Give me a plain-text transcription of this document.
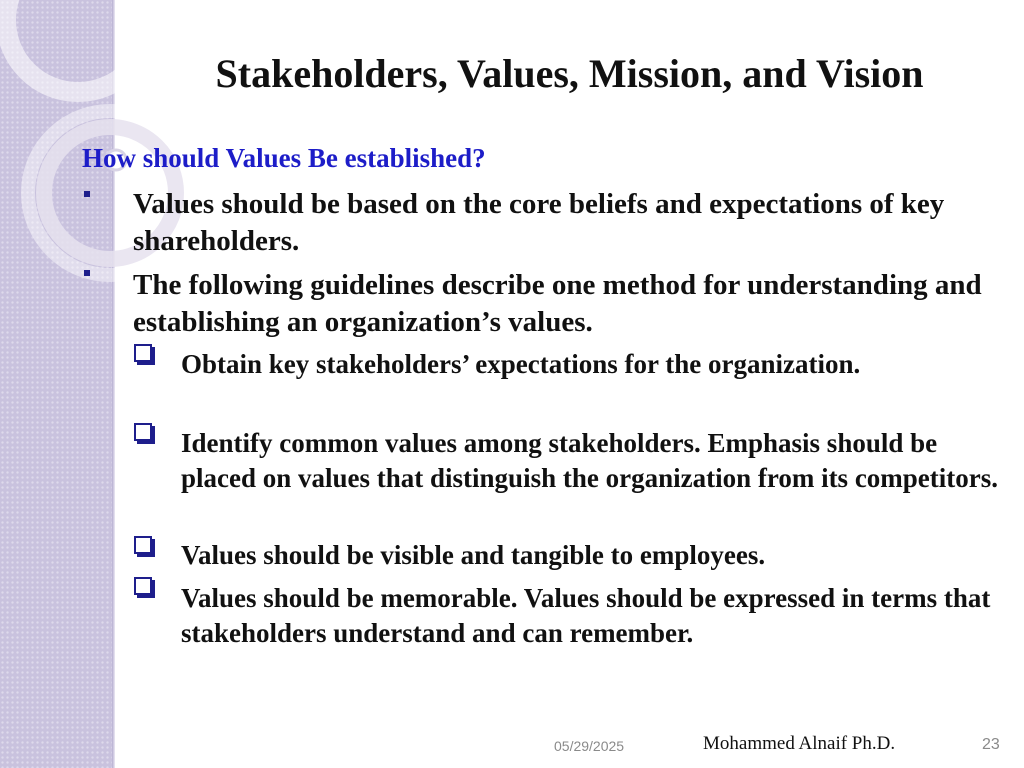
Stakeholders, Values, Mission, and Vision
How should Values Be established?
Values should be based on the core beliefs and expectations of key shareholders.
The following guidelines describe one method for understanding and establishing an organization’s values.
Obtain key stakeholders’ expectations for the organization.
Identify common values among stakeholders. Emphasis should be placed on values that distinguish the organization from its competitors.
Values should be visible and tangible to employees.
Values should be memorable. Values should be expressed in terms that stakeholders understand and can remember.
05/29/2025	Mohammed Alnaif Ph.D.	23
